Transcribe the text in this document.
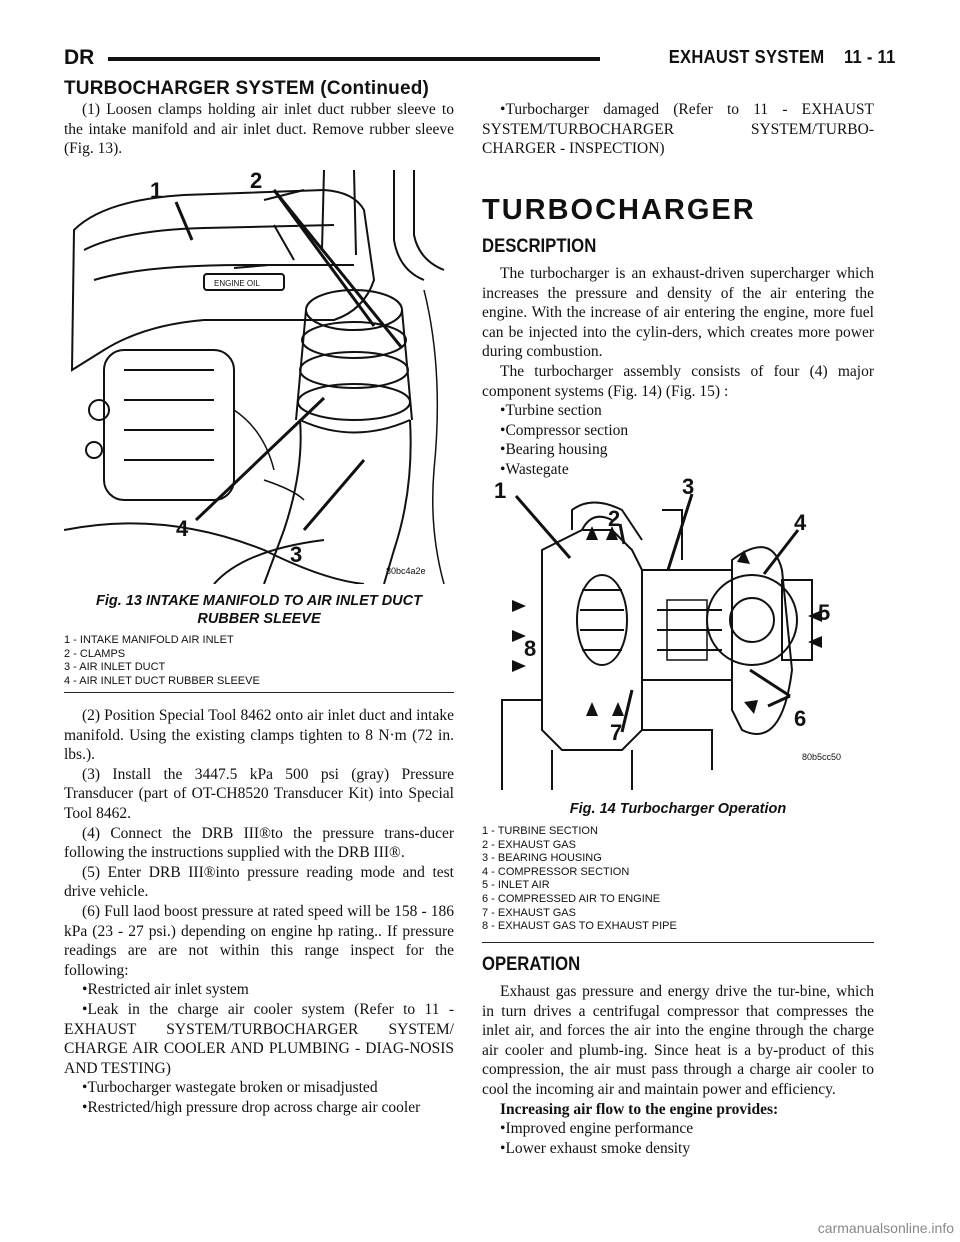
DR	EXHAUST SYSTEM 11 - 11
TURBOCHARGER SYSTEM (Continued)

(1) Loosen clamps holding air inlet duct rubber sleeve to the intake manifold and air inlet duct. Remove rubber sleeve (Fig. 13).

1	2
4
3
ENGINE OIL
80bc4a2e
Fig. 13 INTAKE MANIFOLD TO AIR INLET DUCT
RUBBER SLEEVE
1 - INTAKE MANIFOLD AIR INLET
2 - CLAMPS
3 - AIR INLET DUCT
4 - AIR INLET DUCT RUBBER SLEEVE

(2) Position Special Tool 8462 onto air inlet duct and intake manifold. Using the existing clamps tighten to 8 N·m (72 in. lbs.).

(3) Install the 3447.5 kPa 500 psi (gray) Pressure Transducer (part of OT-CH8520 Transducer Kit) into Special Tool 8462.

(4) Connect the DRB III®to the pressure trans-ducer following the instructions supplied with the DRB III®.

(5) Enter DRB III®into pressure reading mode and test drive vehicle.

(6) Full laod boost pressure at rated speed will be 158 - 186 kPa (23 - 27 psi.) depending on engine hp rating.. If pressure readings are are not within this range inspect for the following:

•Restricted air inlet system

•Leak in the charge air cooler system (Refer to 11 - EXHAUST SYSTEM/TURBOCHARGER SYSTEM/ CHARGE AIR COOLER AND PLUMBING - DIAG-NOSIS AND TESTING)

•Turbocharger wastegate broken or misadjusted

•Restricted/high pressure drop across charge air cooler

•Turbocharger damaged (Refer to 11 - EXHAUST SYSTEM/TURBOCHARGER SYSTEM/TURBO-CHARGER - INSPECTION)

TURBOCHARGER
DESCRIPTION

The turbocharger is an exhaust-driven supercharger which increases the pressure and density of the air entering the engine. With the increase of air entering the engine, more fuel can be injected into the cylin-ders, which creates more power during combustion.

The turbocharger assembly consists of four (4) major component systems (Fig. 14) (Fig. 15) :

•Turbine section

•Compressor section

•Bearing housing

•Wastegate

1
2
3
4
5
6
7
8
80b5cc50
Fig. 14 Turbocharger Operation
1 - TURBINE SECTION
2 - EXHAUST GAS
3 - BEARING HOUSING
4 - COMPRESSOR SECTION
5 - INLET AIR
6 - COMPRESSED AIR TO ENGINE
7 - EXHAUST GAS
8 - EXHAUST GAS TO EXHAUST PIPE
OPERATION

Exhaust gas pressure and energy drive the tur-bine, which in turn drives a centrifugal compressor that compresses the inlet air, and forces the air into the engine through the charge air cooler and plumb-ing. Since heat is a by-product of this compression, the air must pass through a charge air cooler to cool the incoming air and maintain power and efficiency.

Increasing air flow to the engine provides:

•Improved engine performance

•Lower exhaust smoke density

carmanualsonline.info
